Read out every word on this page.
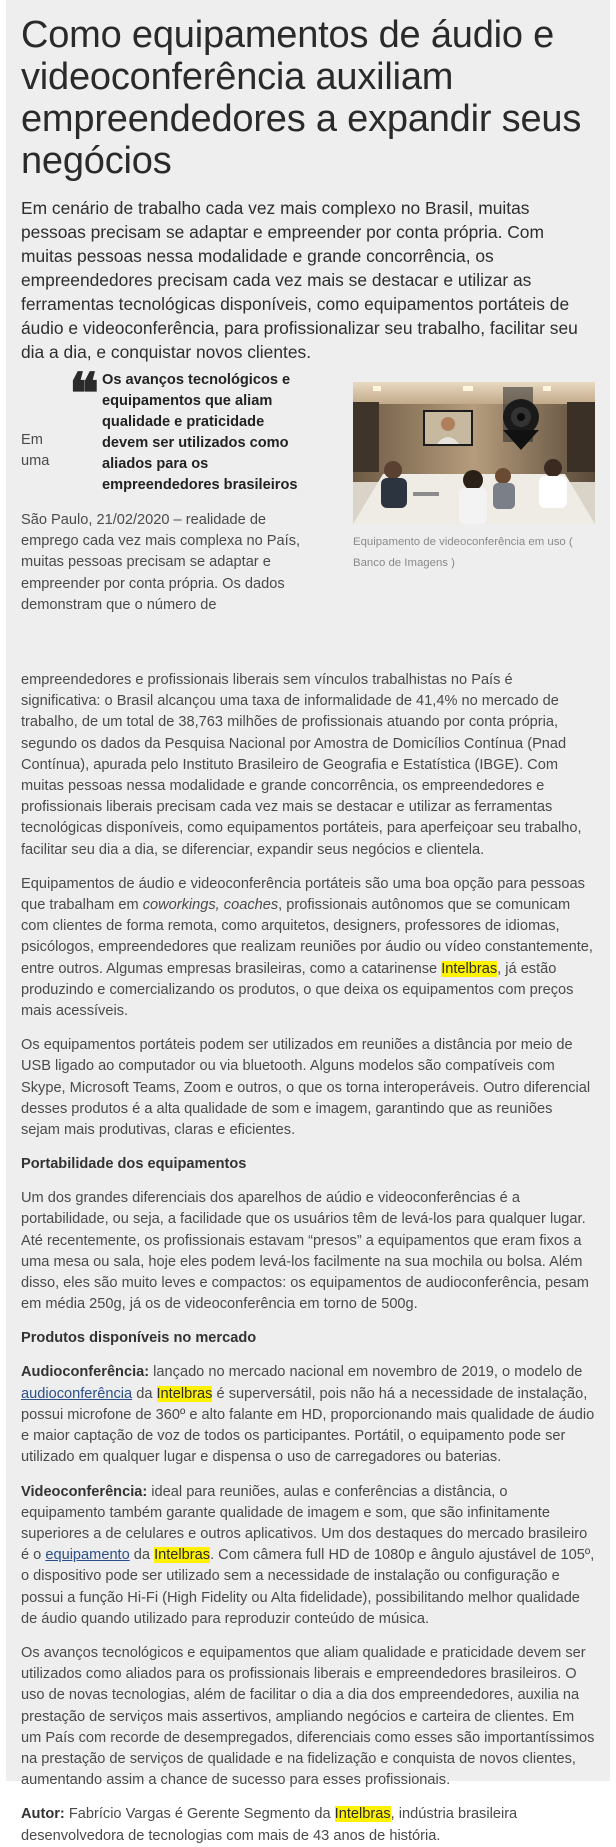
Como equipamentos de áudio e videoconferência auxiliam empreendedores a expandir seus negócios

Em cenário de trabalho cada vez mais complexo no Brasil, muitas pessoas precisam se adaptar e empreender por conta própria. Com muitas pessoas nessa modalidade e grande concorrência, os empreendedores precisam cada vez mais se destacar e utilizar as ferramentas tecnológicas disponíveis, como equipamentos portáteis de áudio e videoconferência, para profissionalizar seu trabalho, facilitar seu dia a dia, e conquistar novos clientes.

❝ Os avanços tecnológicos e equipamentos que aliam qualidade e praticidade devem ser utilizados como aliados para os empreendedores brasileiros
Em uma
Equipamento de videoconferência em uso ( Banco de Imagens )

São Paulo, 21/02/2020 – realidade de emprego cada vez mais complexa no País, muitas pessoas precisam se adaptar e empreender por conta própria. Os dados demonstram que o número de

empreendedores e profissionais liberais sem vínculos trabalhistas no País é significativa: o Brasil alcançou uma taxa de informalidade de 41,4% no mercado de trabalho, de um total de 38,763 milhões de profissionais atuando por conta própria, segundo os dados da Pesquisa Nacional por Amostra de Domicílios Contínua (Pnad Contínua), apurada pelo Instituto Brasileiro de Geografia e Estatística (IBGE). Com muitas pessoas nessa modalidade e grande concorrência, os empreendedores e profissionais liberais precisam cada vez mais se destacar e utilizar as ferramentas tecnológicas disponíveis, como equipamentos portáteis, para aperfeiçoar seu trabalho, facilitar seu dia a dia, se diferenciar, expandir seus negócios e clientela.

Equipamentos de áudio e videoconferência portáteis são uma boa opção para pessoas que trabalham em coworkings, coaches, profissionais autônomos que se comunicam com clientes de forma remota, como arquitetos, designers, professores de idiomas, psicólogos, empreendedores que realizam reuniões por áudio ou vídeo constantemente, entre outros. Algumas empresas brasileiras, como a catarinense Intelbras, já estão produzindo e comercializando os produtos, o que deixa os equipamentos com preços mais acessíveis.

Os equipamentos portáteis podem ser utilizados em reuniões a distância por meio de USB ligado ao computador ou via bluetooth. Alguns modelos são compatíveis com Skype, Microsoft Teams, Zoom e outros, o que os torna interoperáveis. Outro diferencial desses produtos é a alta qualidade de som e imagem, garantindo que as reuniões sejam mais produtivas, claras e eficientes.

Portabilidade dos equipamentos

Um dos grandes diferenciais dos aparelhos de aúdio e videoconferências é a portabilidade, ou seja, a facilidade que os usuários têm de levá-los para qualquer lugar. Até recentemente, os profissionais estavam “presos” a equipamentos que eram fixos a uma mesa ou sala, hoje eles podem levá-los facilmente na sua mochila ou bolsa. Além disso, eles são muito leves e compactos: os equipamentos de audioconferência, pesam em média 250g, já os de videoconferência em torno de 500g.

Produtos disponíveis no mercado

Audioconferência: lançado no mercado nacional em novembro de 2019, o modelo de audioconferência da Intelbras é superversátil, pois não há a necessidade de instalação, possui microfone de 360º e alto falante em HD, proporcionando mais qualidade de áudio e maior captação de voz de todos os participantes. Portátil, o equipamento pode ser utilizado em qualquer lugar e dispensa o uso de carregadores ou baterias.

Videoconferência: ideal para reuniões, aulas e conferências a distância, o equipamento também garante qualidade de imagem e som, que são infinitamente superiores a de celulares e outros aplicativos. Um dos destaques do mercado brasileiro é o equipamento da Intelbras. Com câmera full HD de 1080p e ângulo ajustável de 105º, o dispositivo pode ser utilizado sem a necessidade de instalação ou configuração e possui a função Hi-Fi (High Fidelity ou Alta fidelidade), possibilitando melhor qualidade de áudio quando utilizado para reproduzir conteúdo de música.

Os avanços tecnológicos e equipamentos que aliam qualidade e praticidade devem ser utilizados como aliados para os profissionais liberais e empreendedores brasileiros. O uso de novas tecnologias, além de facilitar o dia a dia dos empreendedores, auxilia na prestação de serviços mais assertivos, ampliando negócios e carteira de clientes. Em um País com recorde de desempregados, diferenciais como esses são importantíssimos na prestação de serviços de qualidade e na fidelização e conquista de novos clientes, aumentando assim a chance de sucesso para esses profissionais.

Autor: Fabrício Vargas é Gerente Segmento da Intelbras, indústria brasileira desenvolvedora de tecnologias com mais de 43 anos de história.
